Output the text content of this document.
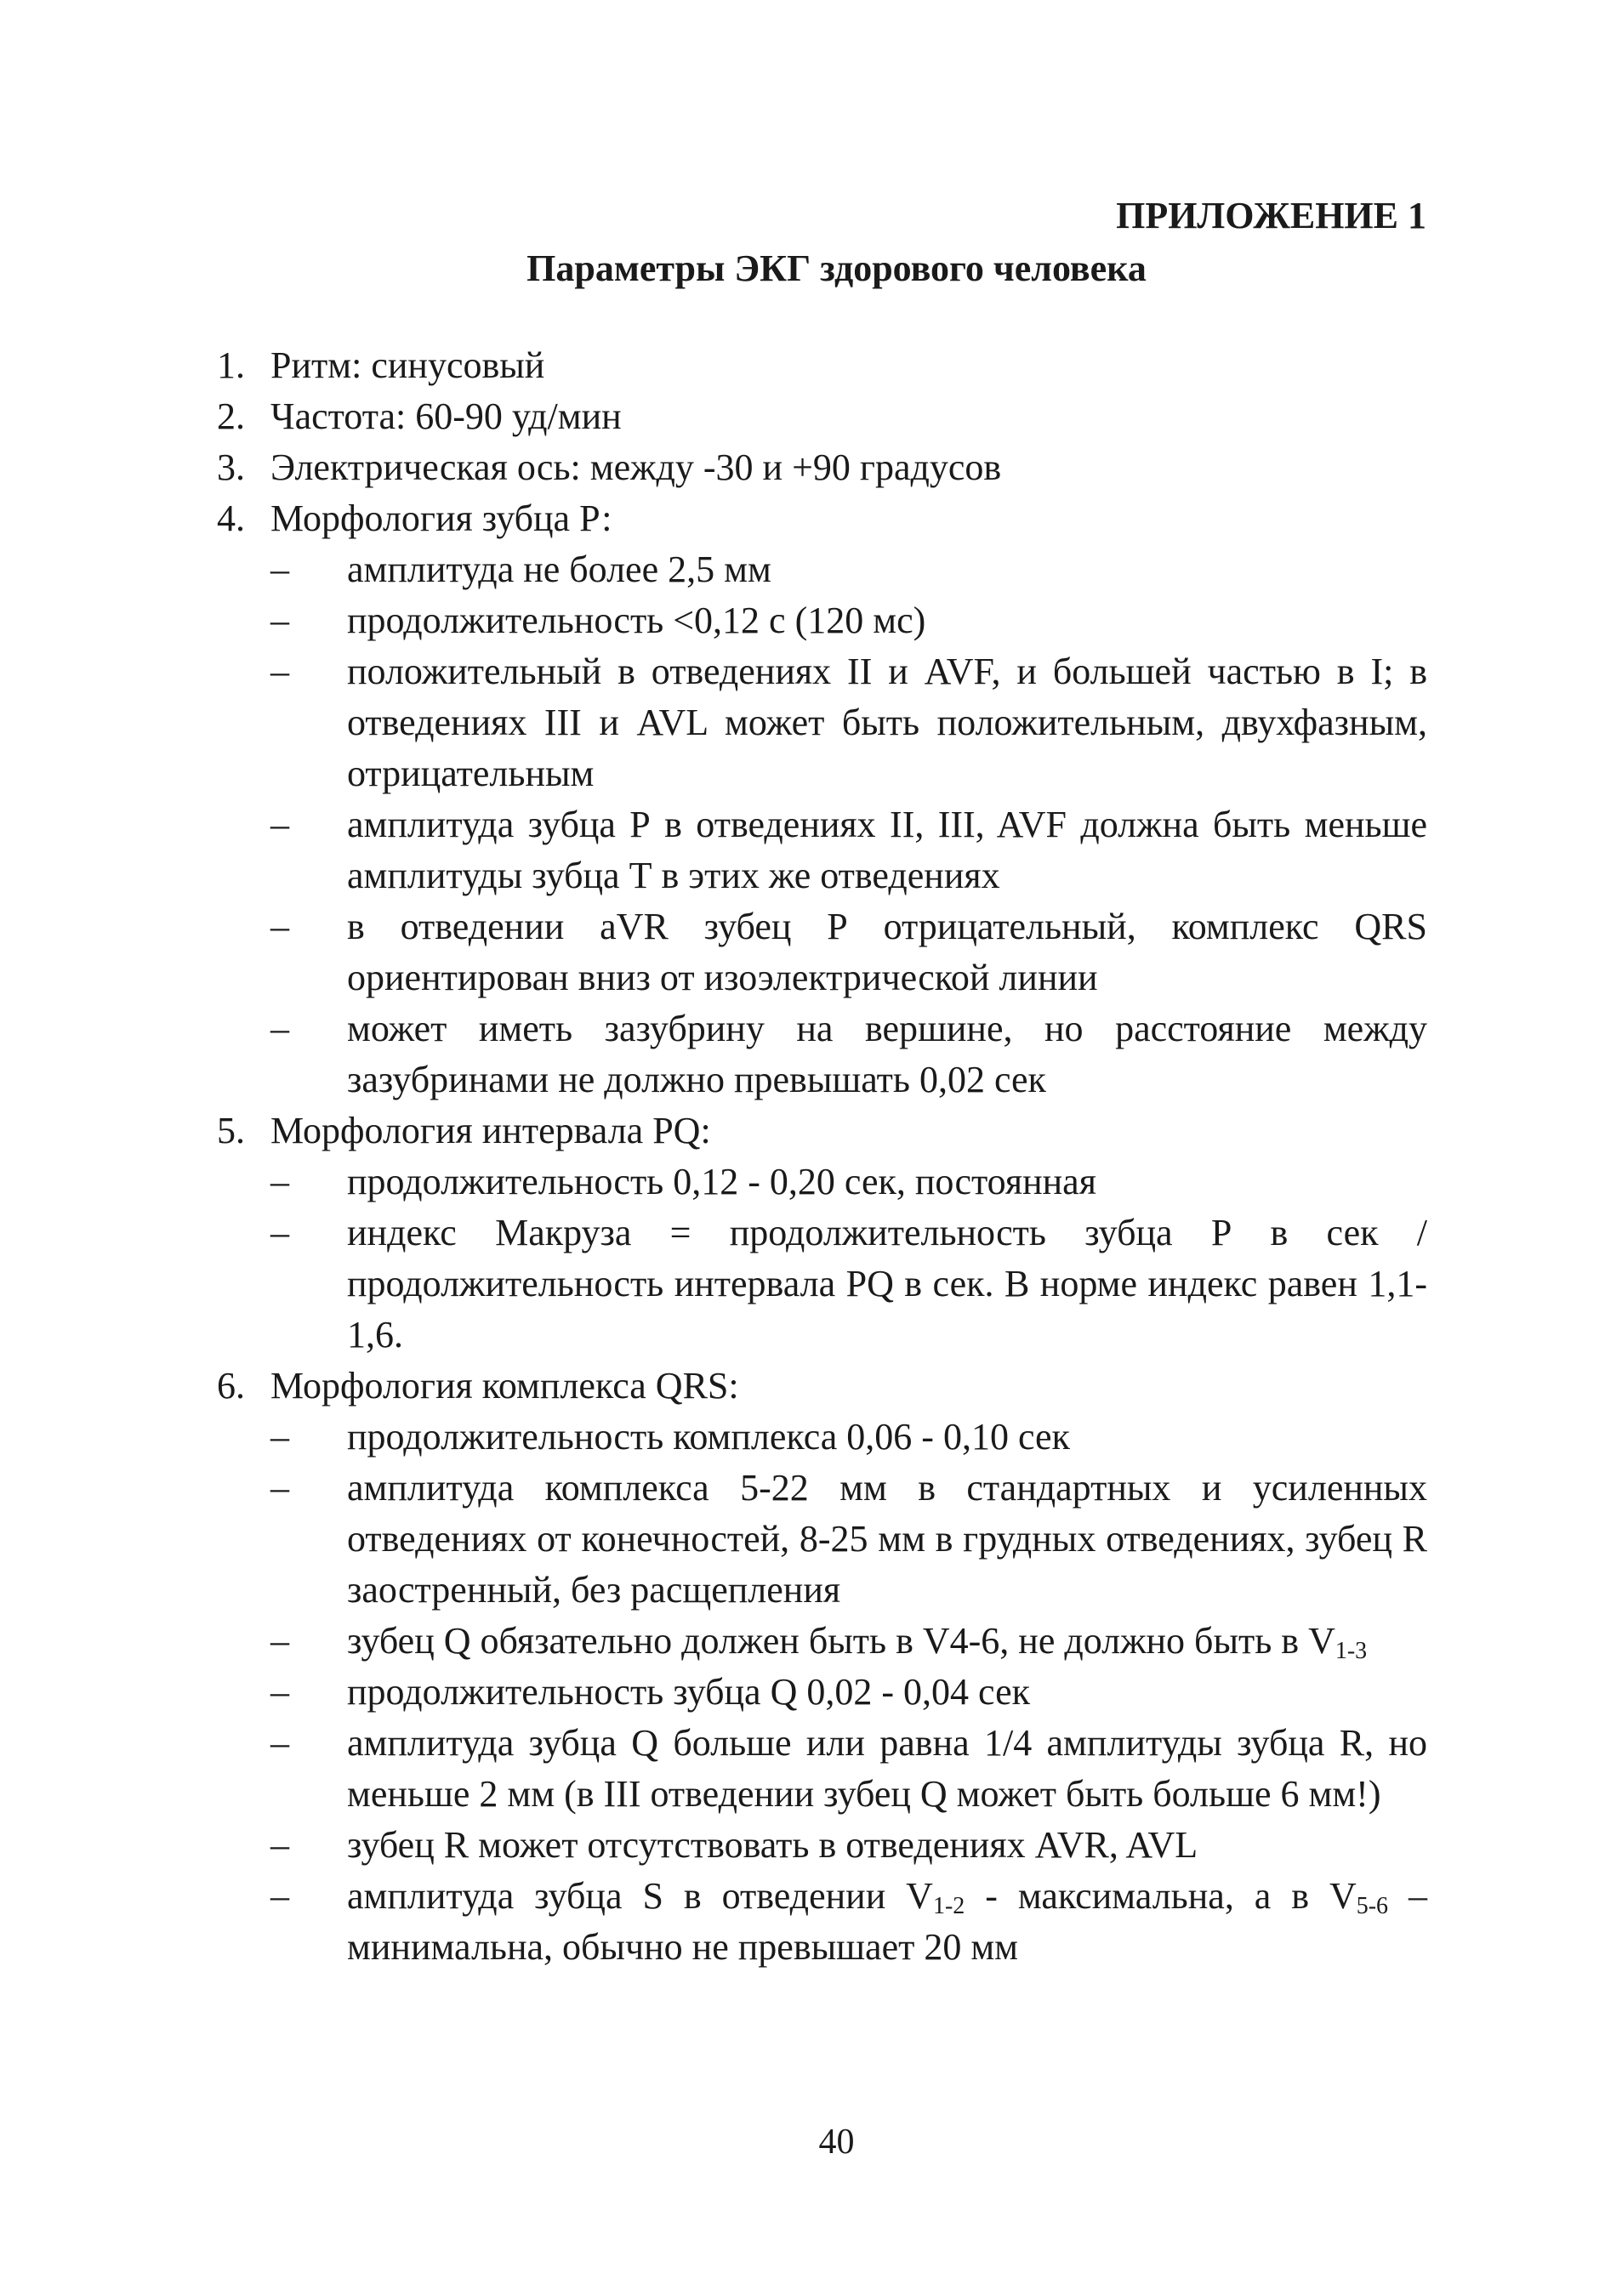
ПРИЛОЖЕНИЕ 1

Параметры ЭКГ здорового человека

1. Ритм: синусовый
2. Частота: 60-90 уд/мин
3. Электрическая ось: между -30 и +90 градусов
4. Морфология зубца Р:
– амплитуда не более 2,5 мм
– продолжительность <0,12 с (120 мс)
– положительный в отведениях II и AVF, и большей частью в I; в отведениях III и AVL может быть положительным, двухфазным, отрицательным
– амплитуда зубца Р в отведениях II, III, AVF должна быть меньше амплитуды зубца Т в этих же отведениях
– в отведении aVR зубец Р отрицательный, комплекс QRS ориентирован вниз от изоэлектрической линии
– может иметь зазубрину на вершине, но расстояние между зазубринами не должно превышать 0,02 сек
5. Морфология интервала PQ:
– продолжительность 0,12 - 0,20 сек, постоянная
– индекс Макруза = продолжительность зубца Р в сек / продолжительность интервала PQ в сек. В норме индекс равен 1,1-1,6.
6. Морфология комплекса QRS:
– продолжительность комплекса 0,06 - 0,10 сек
– амплитуда комплекса 5-22 мм в стандартных и усиленных отведениях от конечностей, 8-25 мм в грудных отведениях, зубец R заостренный, без расщепления
– зубец Q обязательно должен быть в V4-6, не должно быть в $V_{1-3}$
– продолжительность зубца Q 0,02 - 0,04 сек
– амплитуда зубца Q больше или равна 1/4 амплитуды зубца R, но меньше 2 мм (в III отведении зубец Q может быть больше 6 мм!)
– зубец R может отсутствовать в отведениях AVR, AVL
– амплитуда зубца S в отведении $V_{1-2}$ - максимальна, а в $V_{5-6}$ – минимальна, обычно не превышает 20 мм
40
